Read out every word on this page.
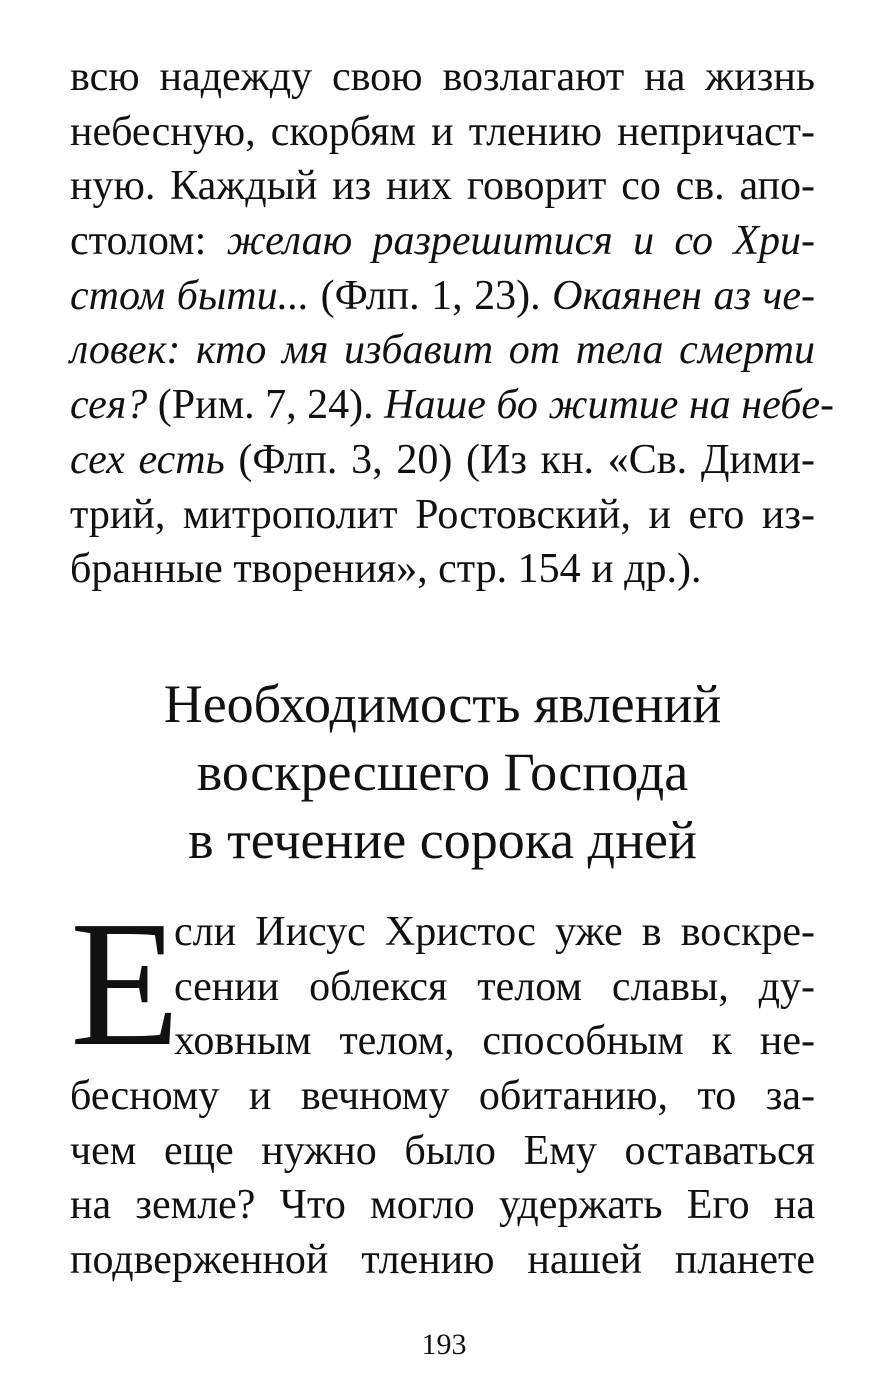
всю надежду свою возлагают на жизнь
небесную, скорбям и тлению непричаст-
ную. Каждый из них говорит со св. апо-
столом: желаю разрешитися и со Хри-
стом быти... (Флп. 1, 23). Окаянен аз че-
ловек: кто мя избавит от тела смерти
сея? (Рим. 7, 24). Наше бо житие на небе-
сех есть (Флп. 3, 20) (Из кн. «Св. Дими-
трий, митрополит Ростовский, и его из-
бранные творения», стр. 154 и др.).
Необходимость явлений
воскресшего Господа
в течение сорока дней
Е
сли Иисус Христос уже в воскре-
сении облекся телом славы, ду-
ховным телом, способным к не-
бесному и вечному обитанию, то за-
чем еще нужно было Ему оставаться
на земле? Что могло удержать Его на
подверженной тлению нашей планете
193
